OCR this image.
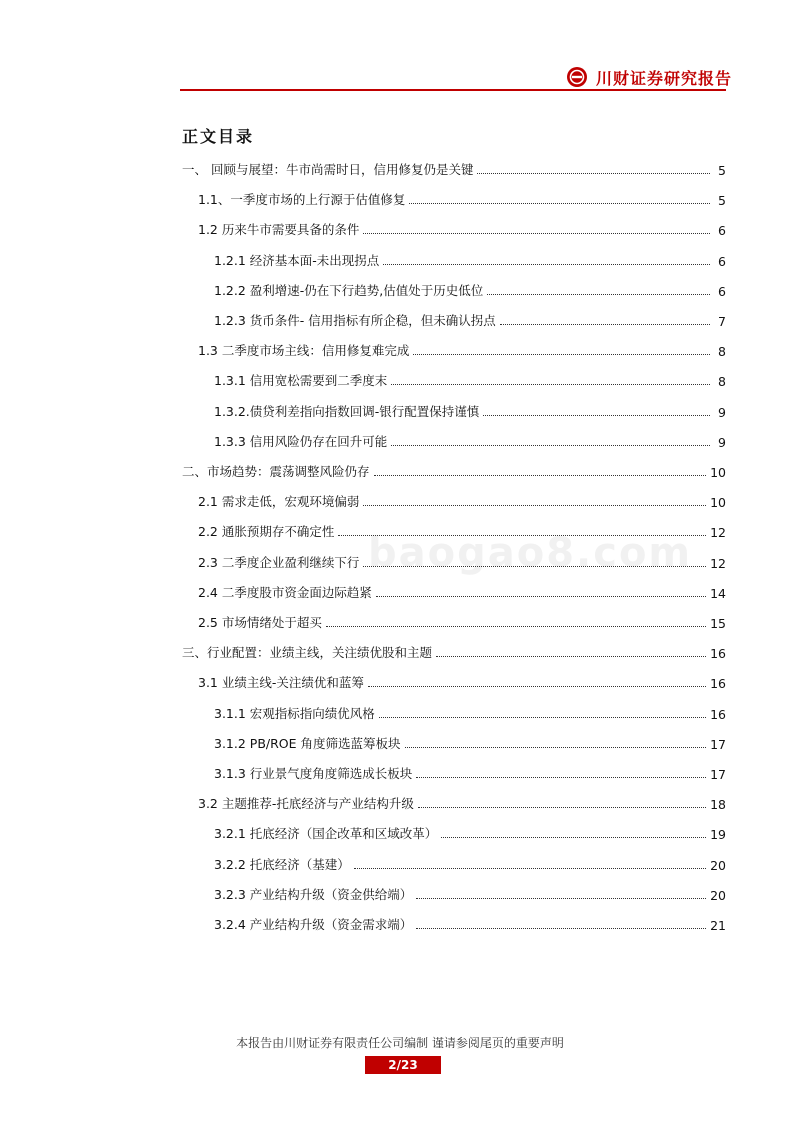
川财证券研究报告
baogao8.com
正文目录
一、 回顾与展望：牛市尚需时日，信用修复仍是关键	5
1.1、一季度市场的上行源于估值修复	5
1.2 历来牛市需要具备的条件	6
1.2.1 经济基本面-未出现拐点	6
1.2.2 盈利增速-仍在下行趋势,估值处于历史低位	6
1.2.3 货币条件- 信用指标有所企稳，但未确认拐点	7
1.3 二季度市场主线：信用修复难完成	8
1.3.1 信用宽松需要到二季度末	8
1.3.2.债贷利差指向指数回调-银行配置保持谨慎	9
1.3.3 信用风险仍存在回升可能	9
二、市场趋势：震荡调整风险仍存	10
2.1 需求走低，宏观环境偏弱	10
2.2 通胀预期存不确定性	12
2.3 二季度企业盈利继续下行	12
2.4 二季度股市资金面边际趋紧	14
2.5 市场情绪处于超买	15
三、行业配置：业绩主线，关注绩优股和主题	16
3.1 业绩主线-关注绩优和蓝筹	16
3.1.1 宏观指标指向绩优风格	16
3.1.2 PB/ROE 角度筛选蓝筹板块	17
3.1.3 行业景气度角度筛选成长板块	17
3.2 主题推荐-托底经济与产业结构升级	18
3.2.1 托底经济（国企改革和区域改革）	19
3.2.2 托底经济（基建）	20
3.2.3 产业结构升级（资金供给端）	20
3.2.4 产业结构升级（资金需求端）	21
本报告由川财证券有限责任公司编制 谨请参阅尾页的重要声明
2/23
